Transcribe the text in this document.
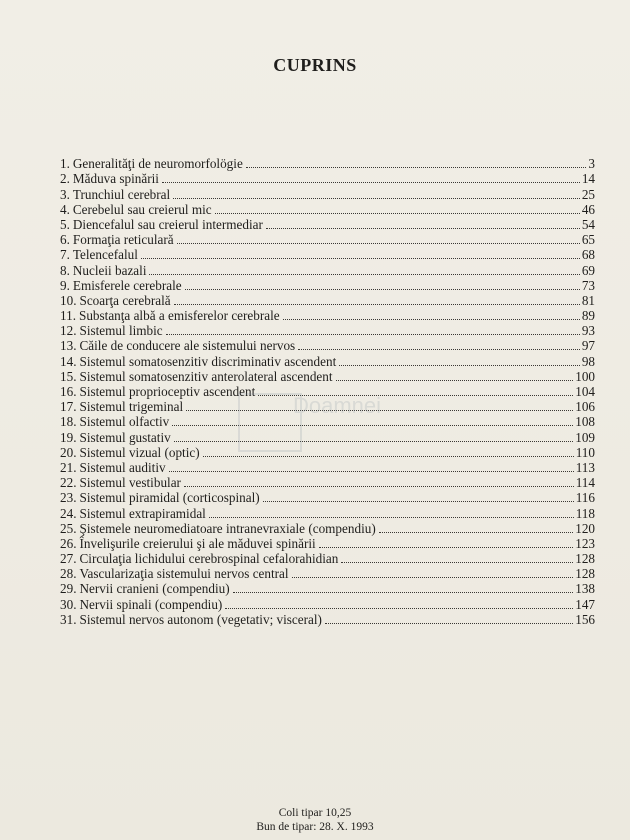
CUPRINS
1. Generalităţi de neuromorfolögie	3
2. Măduva spinării	14
3. Trunchiul cerebral	25
4. Cerebelul sau creierul mic	46
5. Diencefalul sau creierul intermediar	54
6. Formaţia reticulară	65
7. Telencefalul	68
8. Nucleii bazali	69
9. Emisferele cerebrale	73
10. Scoarţa cerebrală	81
11. Substanţa albă a emisferelor cerebrale	89
12. Sistemul limbic	93
13. Căile de conducere ale sistemului nervos	97
14. Sistemul somatosenzitiv discriminativ ascendent	98
15. Sistemul somatosenzitiv anterolateral ascendent	100
16. Sistemul proprioceptiv ascendent	104
17. Sistemul trigeminal	106
18. Sistemul olfactiv	108
19. Sistemul gustativ	109
20. Sistemul vizual (optic)	110
21. Sistemul auditiv	113
22. Sistemul vestibular	114
23. Sistemul piramidal (corticospinal)	116
24. Sistemul extrapiramidal	118
25. Şistemele neuromediatoare intranevraxiale (compendiu)	120
26. Învelişurile creierului şi ale măduvei spinării	123
27. Circulaţia lichidului cerebrospinal cefalorahidian	128
28. Vascularizaţia sistemului nervos central	128
29. Nervii cranieni (compendiu)	138
30. Nervii spinali (compendiu)	147
31. Sistemul nervos autonom (vegetativ; visceral)	156
Doamnei
Coli tipar 10,25
Bun de tipar: 28. X. 1993
